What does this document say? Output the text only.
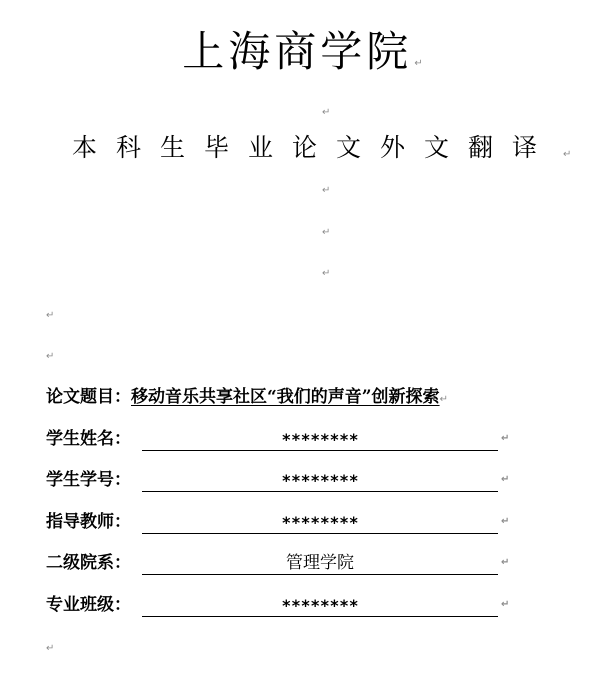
上海商学院 ↵
↵
本 科 生 毕 业 论 文 外 文 翻 译	↵
↵
↵
↵
↵
↵
论文题目：移动音乐共享社区“我们的声音”创新探索↵
学生姓名：	********	↵
学生学号：	********	↵
指导教师：	********	↵
二级院系：	管理学院	↵
专业班级：	********	↵
↵
